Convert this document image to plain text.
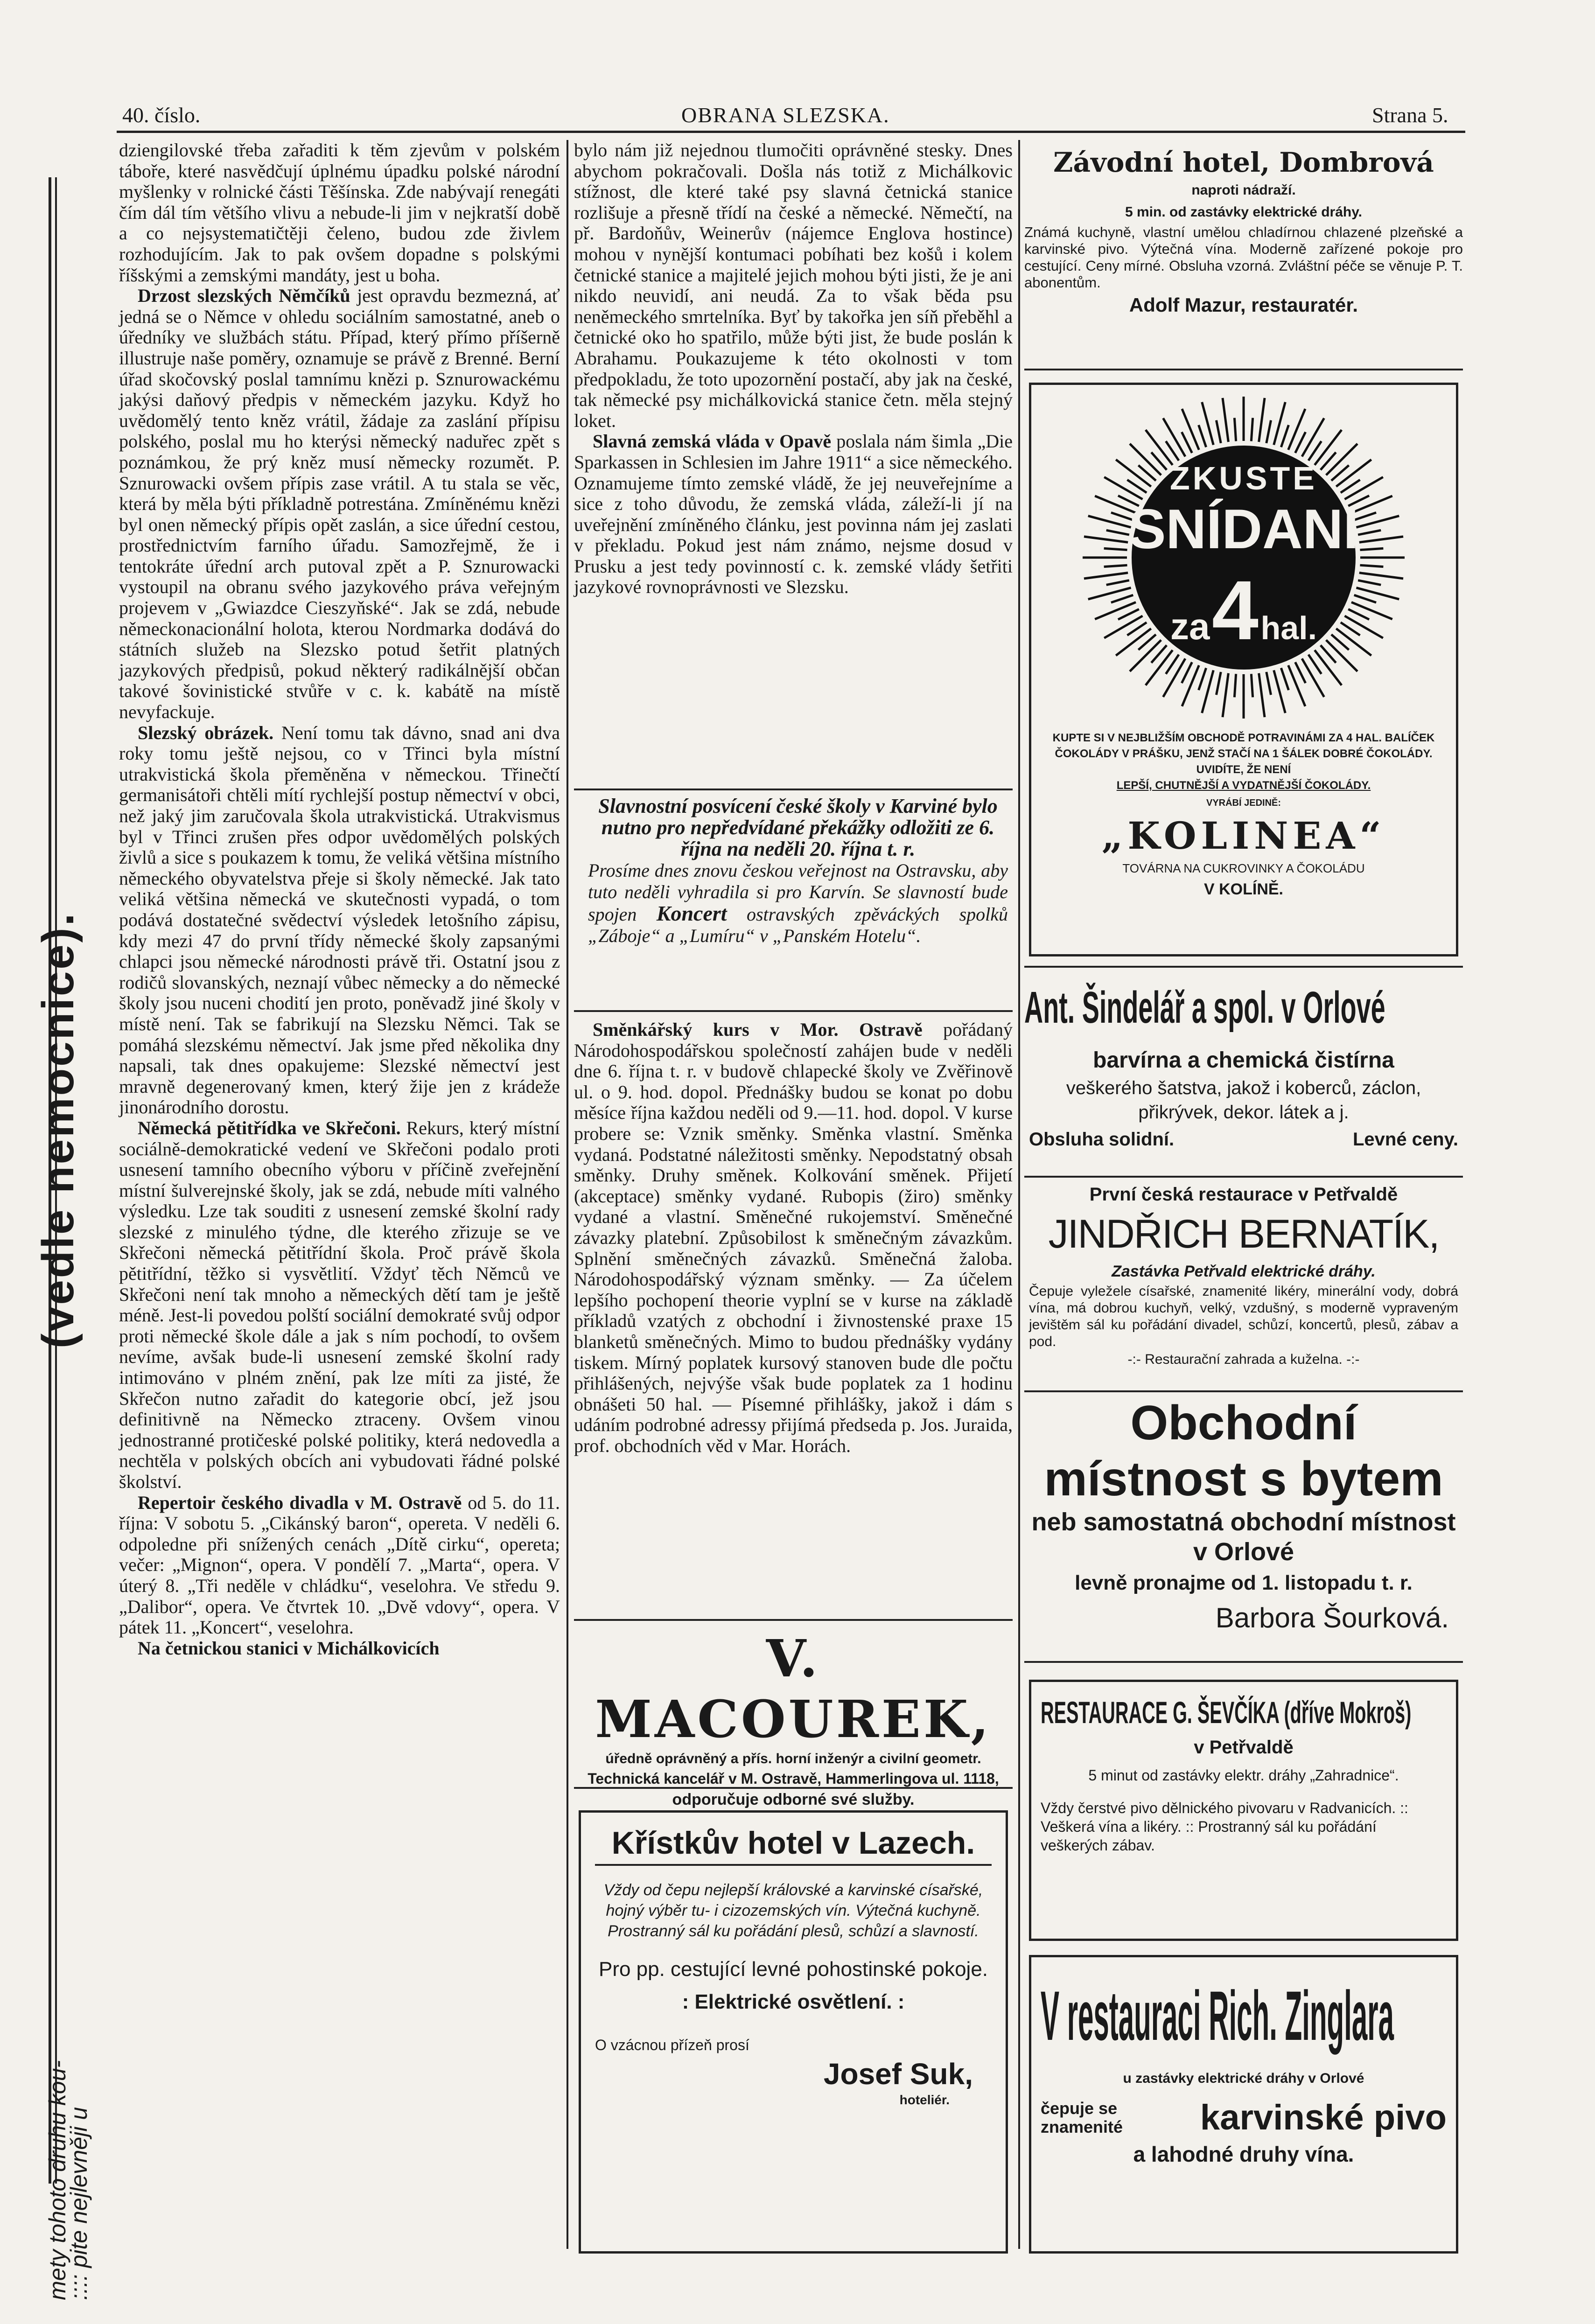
40. číslo.	OBRANA SLEZSKA.	Strana 5.
(vedle nemocnice).
mety tohoto druhu kou-
:::: pite nejlevněji u

dziengilovské třeba zařaditi k těm zjevům v polském táboře, které nasvědčují úplnému úpadku polské národní myšlenky v rolnické části Těšínska. Zde nabývají renegáti čím dál tím většího vlivu a nebude-li jim v nejkratší době a co nejsystematičtěji čeleno, budou zde živlem rozhodujícím. Jak to pak ovšem dopadne s polskými říšskými a zemskými mandáty, jest u boha.

Drzost slezských Němčíků jest opravdu bezmezná, ať jedná se o Němce v ohledu sociálním samostatné, aneb o úředníky ve službách státu. Případ, který přímo příšerně illustruje naše poměry, oznamuje se právě z Brenné. Berní úřad skočovský poslal tamnímu knězi p. Sznurowackému jakýsi daňový předpis v německém jazyku. Když ho uvědomělý tento kněz vrátil, žádaje za zaslání přípisu polského, poslal mu ho kterýsi německý naduřec zpět s poznámkou, že prý kněz musí německy rozumět. P. Sznurowacki ovšem přípis zase vrátil. A tu stala se věc, která by měla býti příkladně potrestána. Zmíněnému knězi byl onen německý přípis opět zaslán, a sice úřední cestou, prostřednictvím farního úřadu. Samozřejmě, že i tentokráte úřední arch putoval zpět a P. Sznurowacki vystoupil na obranu svého jazykového práva veřejným projevem v „Gwiazdce Cieszyňské“. Jak se zdá, nebude německonacionální holota, kterou Nordmarka dodává do státních služeb na Slezsko potud šetřit platných jazykových předpisů, pokud některý radikálnější občan takové šovinistické stvůře v c. k. kabátě na místě nevyfackuje.

Slezský obrázek. Není tomu tak dávno, snad ani dva roky tomu ještě nejsou, co v Třinci byla místní utrakvistická škola přeměněna v německou. Třinečtí germanisátoři chtěli mítí rychlejší postup němectví v obci, než jaký jim zaručovala škola utrakvistická. Utrakvismus byl v Třinci zrušen přes odpor uvědomělých polských živlů a sice s poukazem k tomu, že veliká většina místního německého obyvatelstva přeje si školy německé. Jak tato veliká většina německá ve skutečnosti vypadá, o tom podává dostatečné svědectví výsledek letošního zápisu, kdy mezi 47 do první třídy německé školy zapsanými chlapci jsou německé národnosti právě tři. Ostatní jsou z rodičů slovanských, neznají vůbec německy a do německé školy jsou nuceni chodití jen proto, poněvadž jiné školy v místě není. Tak se fabrikují na Slezsku Němci. Tak se pomáhá slezskému němectví. Jak jsme před několika dny napsali, tak dnes opakujeme: Slezské němectví jest mravně degenerovaný kmen, který žije jen z krádeže jinonárodního dorostu.

Německá pětitřídka ve Skřečoni. Rekurs, který místní sociálně-demokratické vedení ve Skřečoni podalo proti usnesení tamního obecního výboru v příčině zveřejnění místní šulverejnské školy, jak se zdá, nebude míti valného výsledku. Lze tak souditi z usnesení zemské školní rady slezské z minulého týdne, dle kterého zřizuje se ve Skřečoni německá pětitřídní škola. Proč právě škola pětitřídní, těžko si vysvětlití. Vždyť těch Němců ve Skřečoni není tak mnoho a německých dětí tam je ještě méně. Jest-li povedou polští sociální demokraté svůj odpor proti německé škole dále a jak s ním pochodí, to ovšem nevíme, avšak bude-li usnesení zemské školní rady intimováno v plném znění, pak lze míti za jisté, že Skřečon nutno zařadit do kategorie obcí, jež jsou definitivně na Německo ztraceny. Ovšem vinou jednostranné protičeské polské politiky, která nedovedla a nechtěla v polských obcích ani vybudovati řádné polské školství.

Repertoir českého divadla v M. Ostravě od 5. do 11. října: V sobotu 5. „Cikánský baron“, opereta. V neděli 6. odpoledne při snížených cenách „Dítě cirku“, opereta; večer: „Mignon“, opera. V pondělí 7. „Marta“, opera. V úterý 8. „Tři neděle v chládku“, veselohra. Ve středu 9. „Dalibor“, opera. Ve čtvrtek 10. „Dvě vdovy“, opera. V pátek 11. „Koncert“, veselohra.

Na četnickou stanici v Michálkovicích

bylo nám již nejednou tlumočiti oprávněné stesky. Dnes abychom pokračovali. Došla nás totiž z Michálkovic stížnost, dle které také psy slavná četnická stanice rozlišuje a přesně třídí na české a německé. Němečtí, na př. Bardoňův, Weinerův (nájemce Englova hostince) mohou v nynější kontumaci pobíhati bez košů i kolem četnické stanice a majitelé jejich mohou býti jisti, že je ani nikdo neuvidí, ani neudá. Za to však běda psu neněmeckého smrtelníka. Byť by takořka jen síň přeběhl a četnické oko ho spatřilo, může býti jist, že bude poslán k Abrahamu. Poukazujeme k této okolnosti v tom předpokladu, že toto upozornění postačí, aby jak na české, tak německé psy michálkovická stanice četn. měla stejný loket.

Slavná zemská vláda v Opavě poslala nám šimla „Die Sparkassen in Schlesien im Jahre 1911“ a sice německého. Oznamujeme tímto zemské vládě, že jej neuveřejníme a sice z toho důvodu, že zemská vláda, záleží-li jí na uveřejnění zmíněného článku, jest povinna nám jej zaslati v překladu. Pokud jest nám známo, nejsme dosud v Prusku a jest tedy povinností c. k. zemské vlády šetřiti jazykové rovnoprávnosti ve Slezsku.

Slavnostní posvícení české školy v Karviné bylo nutno pro nepředvídané překážky odložiti ze 6. října na neděli 20. října t. r.

Prosíme dnes znovu českou veřejnost na Ostravsku, aby tuto neděli vyhradila si pro Karvín. Se slavností bude spojen Koncert ostravských zpěváckých spolků „Záboje“ a „Lumíru“ v „Panském Hotelu“.

Směnkářský kurs v Mor. Ostravě pořádaný Národohospodářskou společností zahájen bude v neděli dne 6. října t. r. v budově chlapecké školy ve Zvěřinově ul. o 9. hod. dopol. Přednášky budou se konat po dobu měsíce října každou neděli od 9.—11. hod. dopol. V kurse probere se: Vznik směnky. Směnka vlastní. Směnka vydaná. Podstatné náležitosti směnky. Nepodstatný obsah směnky. Druhy směnek. Kolkování směnek. Přijetí (akceptace) směnky vydané. Rubopis (žiro) směnky vydané a vlastní. Směnečné rukojemství. Směnečné závazky platební. Způsobilost k směnečným závazkům. Splnění směnečných závazků. Směnečná žaloba. Národohospodářský význam směnky. — Za účelem lepšího pochopení theorie vyplní se v kurse na základě příkladů vzatých z obchodní i živnostenské praxe 15 blanketů směnečných. Mimo to budou přednášky vydány tiskem. Mírný poplatek kursový stanoven bude dle počtu přihlášených, nejvýše však bude poplatek za 1 hodinu obnášeti 50 hal. — Písemné přihlášky, jakož i dám s udáním podrobné adressy přijímá předseda p. Jos. Juraida, prof. obchodních věd v Mar. Horách.

V. MACOUREK,
úředně oprávněný a přís. horní inženýr a civilní geometr.
Technická kancelář v M. Ostravě, Hammerlingova ul. 1118,
odporučuje odborné své služby.
Křístkův hotel v Lazech.
Vždy od čepu nejlepší královské a karvinské císařské, hojný výběr tu- i cizozemských vín. Výtečná kuchyně. Prostranný sál ku pořádání plesů, schůzí a slavností.
Pro pp. cestující levné pohostinské pokoje.
: Elektrické osvětlení. :
O vzácnou přízeň prosí
Josef Suk,
hoteliér.
Závodní hotel, Dombrová
naproti nádraží.
5 min. od zastávky elektrické dráhy.
Známá kuchyně, vlastní umělou chladírnou chlazené plzeňské a karvinské pivo. Výtečná vína. Moderně zařízené pokoje pro cestující. Ceny mírné. Obsluha vzorná. Zvláštní péče se věnuje P. T. abonentům.
Adolf Mazur, restauratér.
ZKUSTE
SNÍDANI
za 4 hal.
KUPTE SI V NEJBLIŽŠÍM OBCHODĚ POTRAVINÁMI ZA 4 HAL. BALÍČEK ČOKOLÁDY V PRÁŠKU, JENŽ STAČÍ NA 1 ŠÁLEK DOBRÉ ČOKOLÁDY.
UVIDÍTE, ŽE NENÍ
LEPŠÍ, CHUTNĚJŠÍ A VYDATNĚJŠÍ ČOKOLÁDY.
VYRÁBÍ JEDINĚ:
„KOLINEA“
TOVÁRNA NA CUKROVINKY A ČOKOLÁDU
V KOLÍNĚ.
Ant. Šindelář a spol. v Orlové
barvírna a chemická čistírna
veškerého šatstva, jakož i koberců, záclon, přikrývek, dekor. látek a j.
Obsluha solidní.	Levné ceny.
První česká restaurace v Petřvaldě
JINDŘICH BERNATÍK,
Zastávka Petřvald elektrické dráhy.
Čepuje vyležele císařské, znamenité likéry, minerální vody, dobrá vína, má dobrou kuchyň, velký, vzdušný, s moderně vypraveným jevištěm sál ku pořádání divadel, schůzí, koncertů, plesů, zábav a pod.
-:- Restaurační zahrada a kuželna. -:-
Obchodní
místnost s bytem
neb samostatná obchodní místnost v Orlové
levně pronajme od 1. listopadu t. r.
Barbora Šourková.
RESTAURACE G. ŠEVČÍKA (dříve Mokroš)
v Petřvaldě
5 minut od zastávky elektr. dráhy „Zahradnice“.
Vždy čerstvé pivo dělnického pivovaru v Radvanicích. :: Veškerá vína a likéry. :: Prostranný sál ku pořádání veškerých zábav.
V restauraci Rich. Zinglara
u zastávky elektrické dráhy v Orlové
čepuje se znamenité	karvinské pivo
a lahodné druhy vína.
